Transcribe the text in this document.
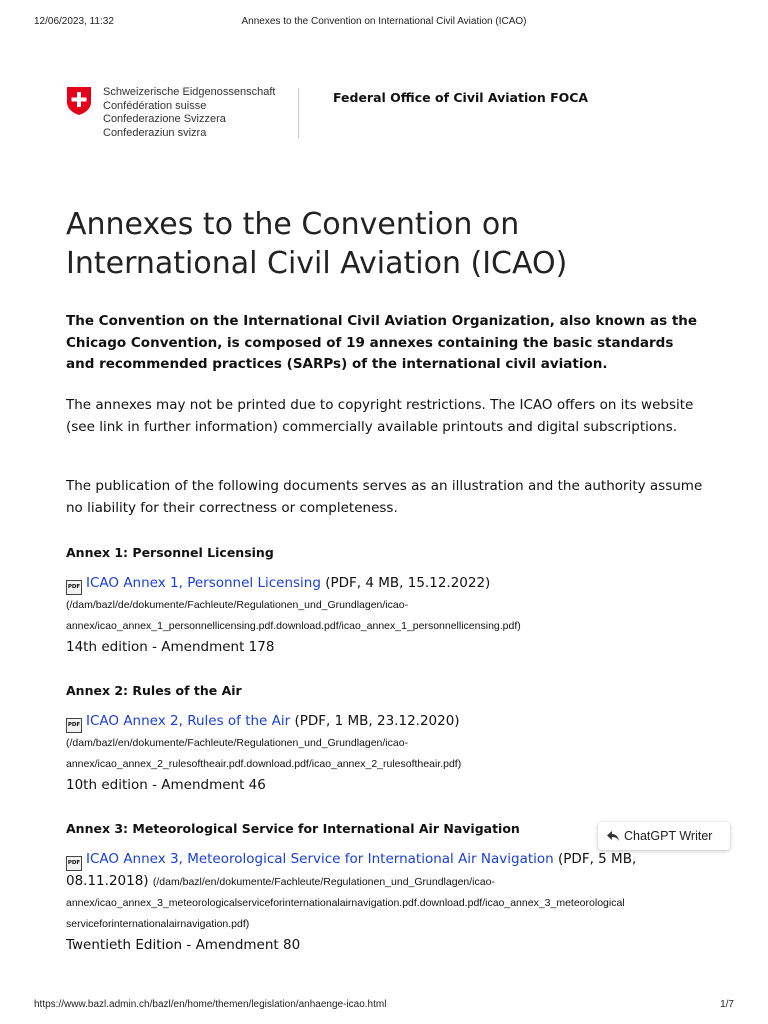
12/06/2023, 11:32	Annexes to the Convention on International Civil Aviation (ICAO)
Schweizerische Eidgenossenschaft
Confédération suisse
Confederazione Svizzera
Confederaziun svizra
Federal Office of Civil Aviation FOCA
Annexes to the Convention on International Civil Aviation (ICAO)

The Convention on the International Civil Aviation Organization, also known as the Chicago Convention, is composed of 19 annexes containing the basic standards and recommended practices (SARPs) of the international civil aviation.

The annexes may not be printed due to copyright restrictions. The ICAO offers on its website (see link in further information) commercially available printouts and digital subscriptions.

The publication of the following documents serves as an illustration and the authority assume no liability for their correctness or completeness.

Annex 1: Personnel Licensing
PDF ICAO Annex 1, Personnel Licensing (PDF, 4 MB, 15.12.2022)
(/dam/bazl/de/dokumente/Fachleute/Regulationen_und_Grundlagen/icao-
annex/icao_annex_1_personnellicensing.pdf.download.pdf/icao_annex_1_personnellicensing.pdf)
14th edition - Amendment 178
Annex 2: Rules of the Air
PDF ICAO Annex 2, Rules of the Air (PDF, 1 MB, 23.12.2020)
(/dam/bazl/en/dokumente/Fachleute/Regulationen_und_Grundlagen/icao-
annex/icao_annex_2_rulesoftheair.pdf.download.pdf/icao_annex_2_rulesoftheair.pdf)
10th edition - Amendment 46
Annex 3: Meteorological Service for International Air Navigation
PDF ICAO Annex 3, Meteorological Service for International Air Navigation (PDF, 5 MB,
08.11.2018) (/dam/bazl/en/dokumente/Fachleute/Regulationen_und_Grundlagen/icao-
annex/icao_annex_3_meteorologicalserviceforinternationalairnavigation.pdf.download.pdf/icao_annex_3_meteorological
serviceforinternationalairnavigation.pdf)
Twentieth Edition - Amendment 80
ChatGPT Writer
https://www.bazl.admin.ch/bazl/en/home/themen/legislation/anhaenge-icao.html	1/7
